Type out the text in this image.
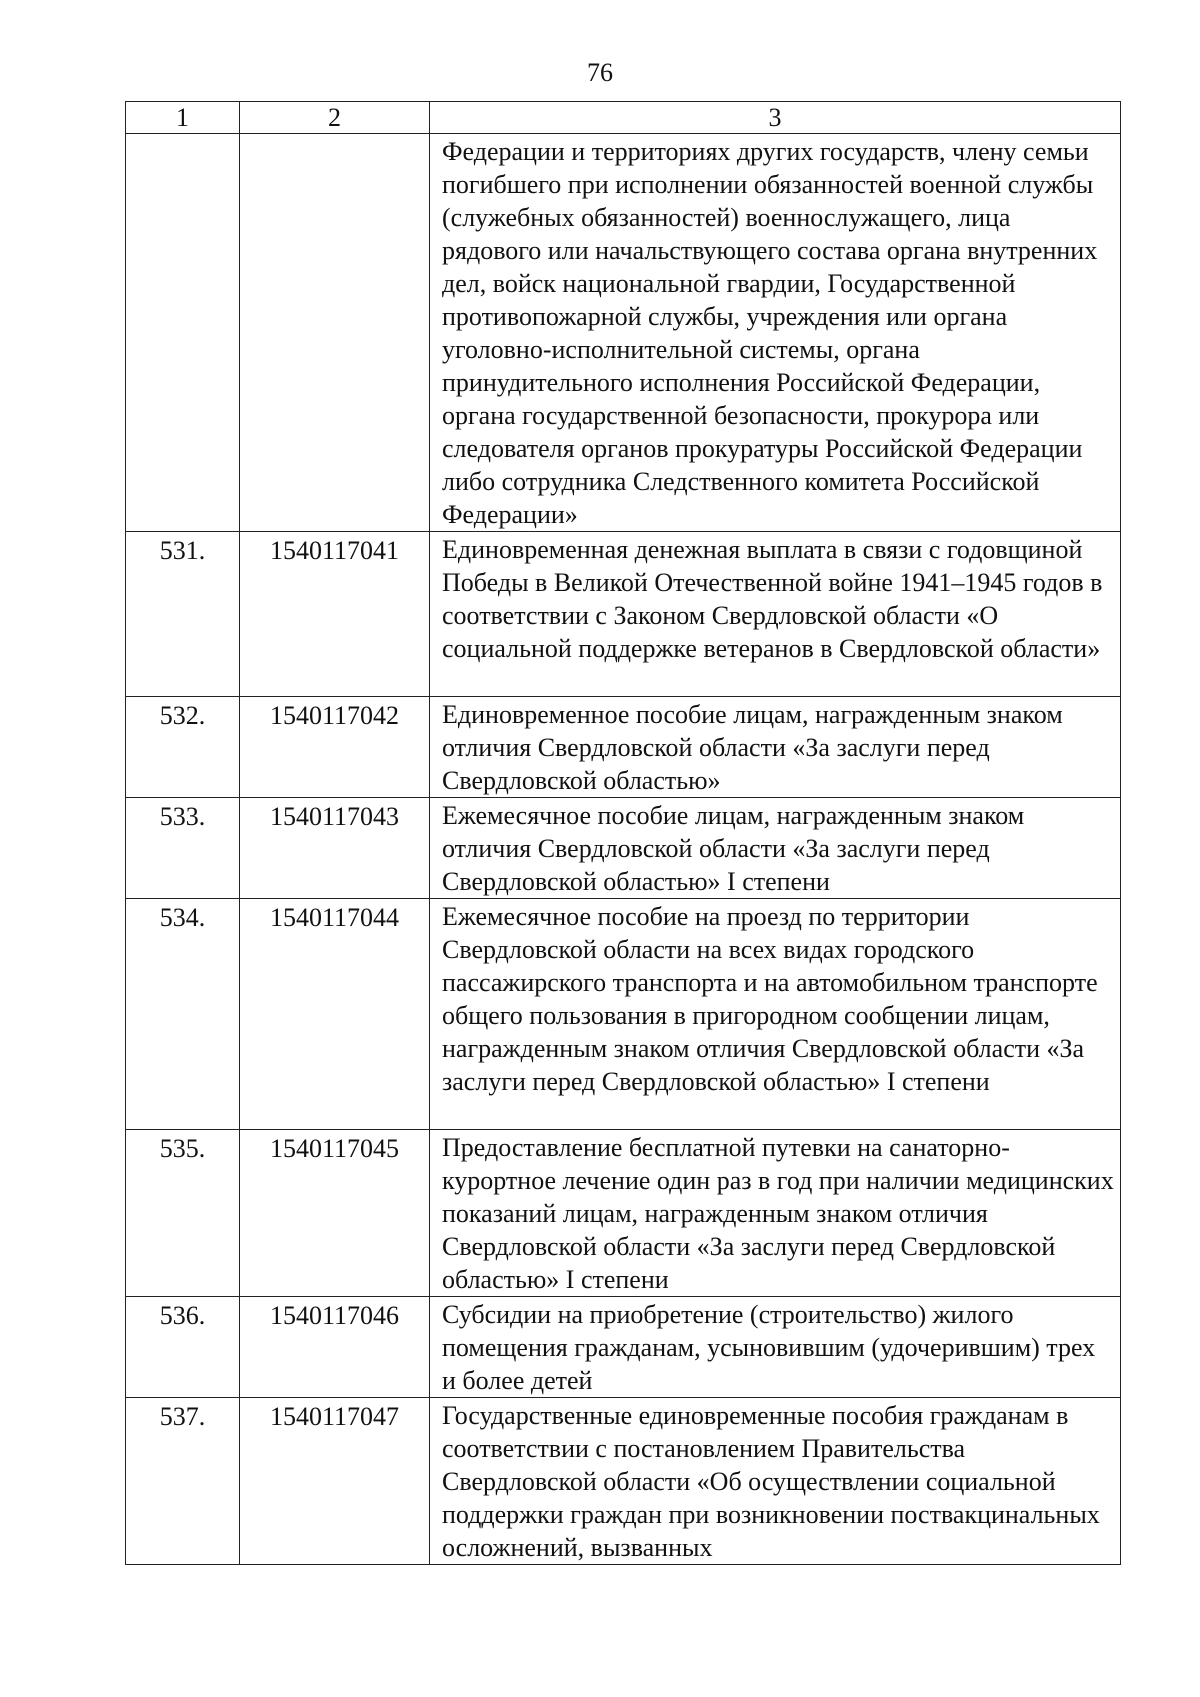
76
1	2	3
		Федерации и территориях других государств, члену семьи погибшего при исполнении обязанностей военной службы (служебных обязанностей) военнослужащего, лица рядового или начальствующего состава органа внутренних дел, войск национальной гвардии, Государственной противопожарной службы, учреждения или органа уголовно-исполнительной системы, органа принудительного исполнения Российской Федерации, органа государственной безопасности, прокурора или следователя органов прокуратуры Российской Федерации либо сотрудника Следственного комитета Российской Федерации»
531.	1540117041	Единовременная денежная выплата в связи с годовщиной Победы в Великой Отечественной войне 1941–1945 годов в соответствии с Законом Свердловской области «О социальной поддержке ветеранов в Свердловской области»
532.	1540117042	Единовременное пособие лицам, награжденным знаком отличия Свердловской области «За заслуги перед Свердловской областью»
533.	1540117043	Ежемесячное пособие лицам, награжденным знаком отличия Свердловской области «За заслуги перед Свердловской областью» I степени
534.	1540117044	Ежемесячное пособие на проезд по территории Свердловской области на всех видах городского пассажирского транспорта и на автомобильном транспорте общего пользования в пригородном сообщении лицам, награжденным знаком отличия Свердловской области «За заслуги перед Свердловской областью» I степени
535.	1540117045	Предоставление бесплатной путевки на санаторно-курортное лечение один раз в год при наличии медицинских показаний лицам, награжденным знаком отличия Свердловской области «За заслуги перед Свердловской областью» I степени
536.	1540117046	Субсидии на приобретение (строительство) жилого помещения гражданам, усыновившим (удочерившим) трех и более детей
537.	1540117047	Государственные единовременные пособия гражданам в соответствии с постановлением Правительства Свердловской области «Об осуществлении социальной поддержки граждан при возникновении поствакцинальных осложнений, вызванных
